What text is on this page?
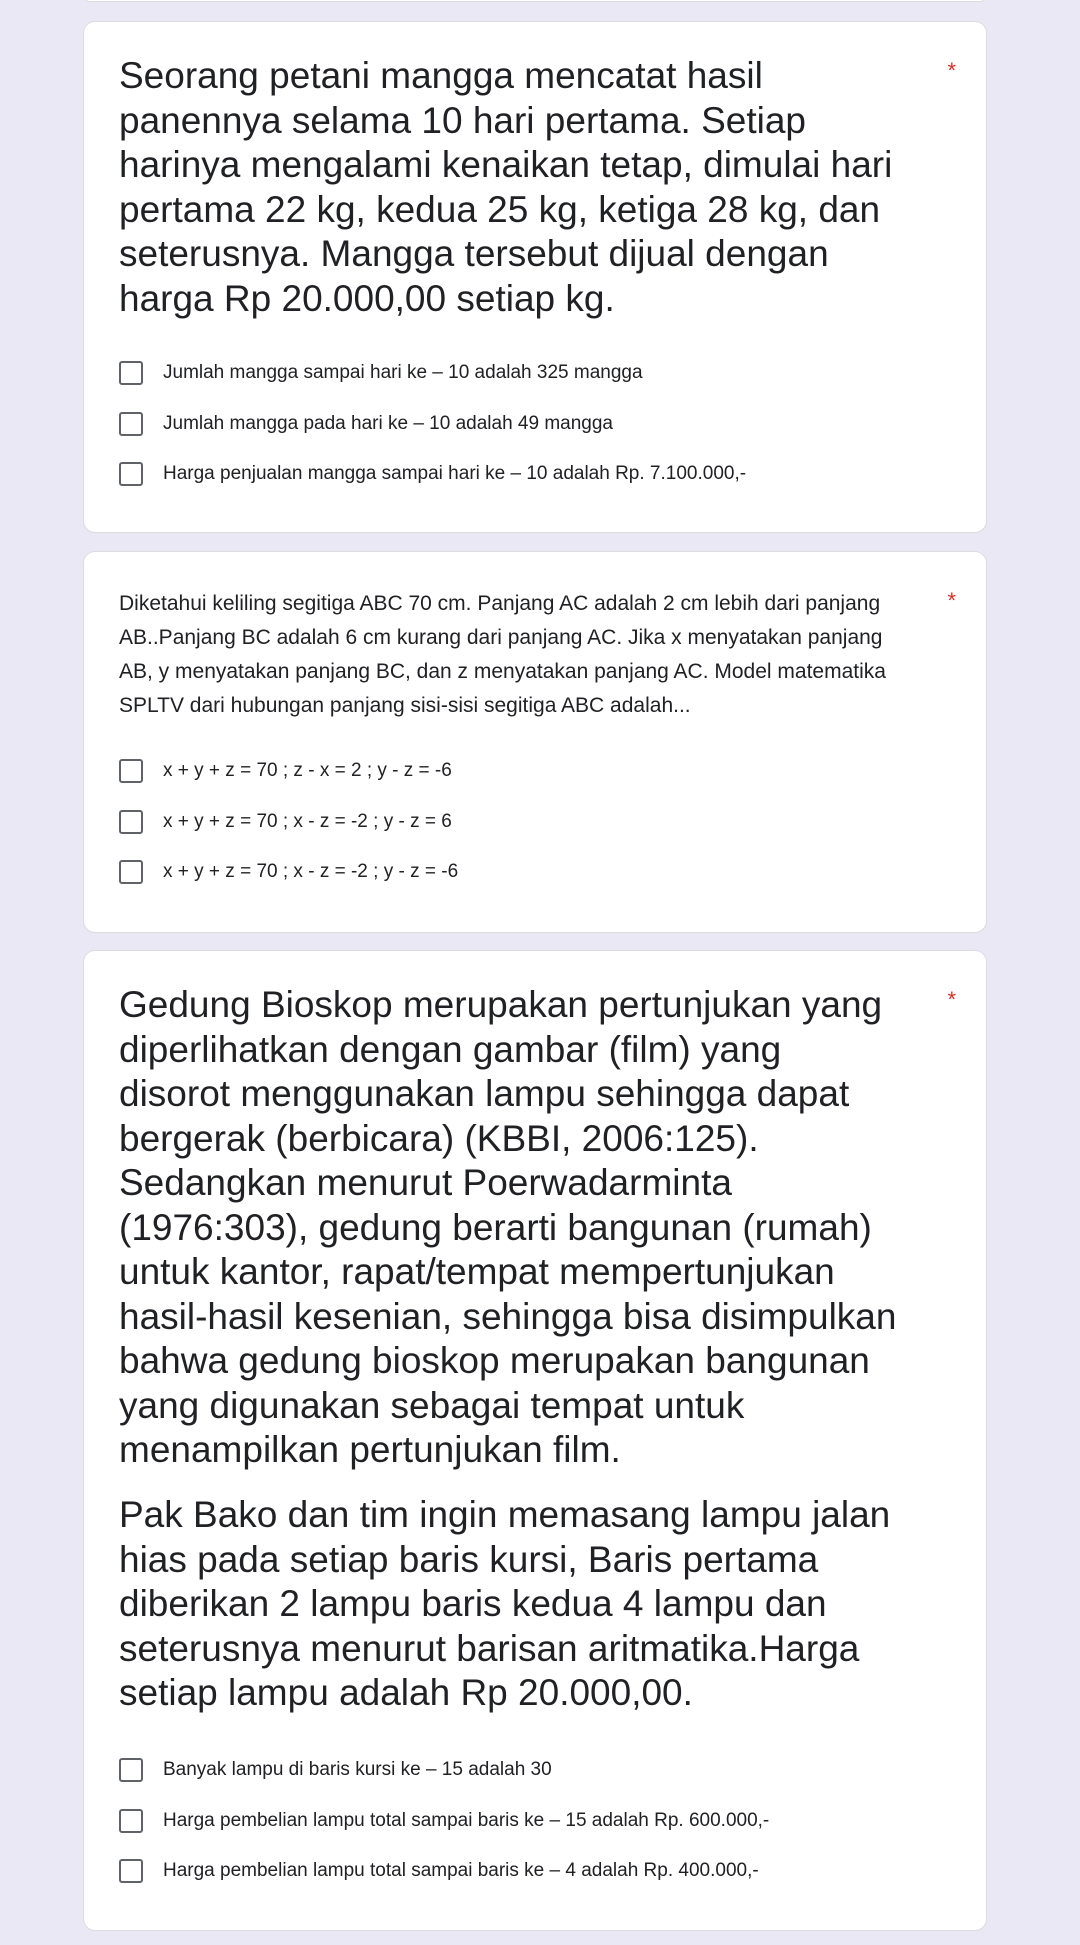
Seorang petani mangga mencatat hasil
panennya selama 10 hari pertama. Setiap
harinya mengalami kenaikan tetap, dimulai hari
pertama 22 kg, kedua 25 kg, ketiga 28 kg, dan
seterusnya. Mangga tersebut dijual dengan
harga Rp 20.000,00 setiap kg.

*
Jumlah mangga sampai hari ke – 10 adalah 325 mangga
Jumlah mangga pada hari ke – 10 adalah 49 mangga
Harga penjualan mangga sampai hari ke – 10 adalah Rp. 7.100.000,-

Diketahui keliling segitiga ABC 70 cm. Panjang AC adalah 2 cm lebih dari panjang
AB..Panjang BC adalah 6 cm kurang dari panjang AC. Jika x menyatakan panjang
AB, y menyatakan panjang BC, dan z menyatakan panjang AC. Model matematika
SPLTV dari hubungan panjang sisi-sisi segitiga ABC adalah...

*
x + y + z = 70 ; z - x = 2 ; y - z = -6
x + y + z = 70 ; x - z = -2 ; y - z = 6
x + y + z = 70 ; x - z = -2 ; y - z = -6

Gedung Bioskop merupakan pertunjukan yang
diperlihatkan dengan gambar (film) yang
disorot menggunakan lampu sehingga dapat
bergerak (berbicara) (KBBI, 2006:125).
Sedangkan menurut Poerwadarminta
(1976:303), gedung berarti bangunan (rumah)
untuk kantor, rapat/tempat mempertunjukan
hasil-hasil kesenian, sehingga bisa disimpulkan
bahwa gedung bioskop merupakan bangunan
yang digunakan sebagai tempat untuk
menampilkan pertunjukan film.

Pak Bako dan tim ingin memasang lampu jalan
hias pada setiap baris kursi, Baris pertama
diberikan 2 lampu baris kedua 4 lampu dan
seterusnya menurut barisan aritmatika.Harga
setiap lampu adalah Rp 20.000,00.

*
Banyak lampu di baris kursi ke – 15 adalah 30
Harga pembelian lampu total sampai baris ke – 15 adalah Rp. 600.000,-
Harga pembelian lampu total sampai baris ke – 4 adalah Rp. 400.000,-
